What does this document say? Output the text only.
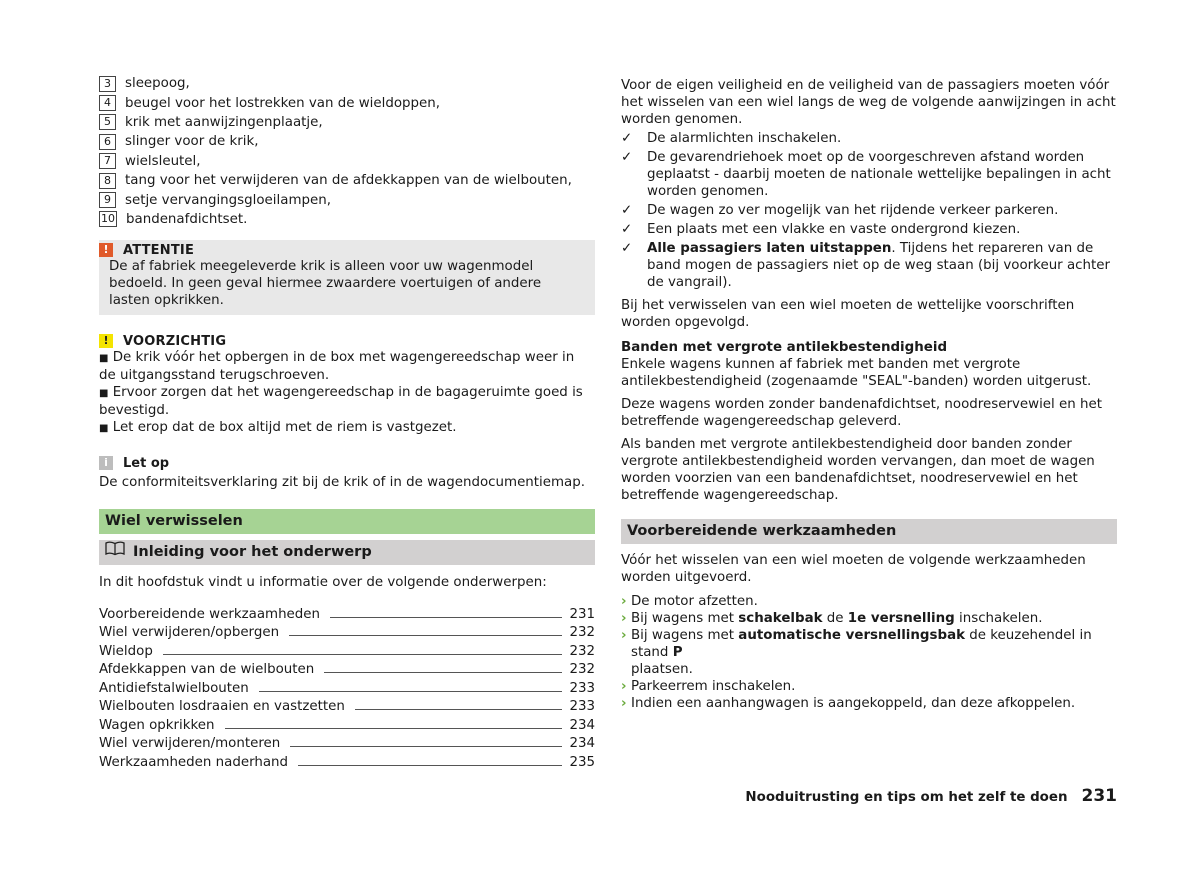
3	sleepoog,
4	beugel voor het lostrekken van de wieldoppen,
5	krik met aanwijzingenplaatje,
6	slinger voor de krik,
7	wielsleutel,
8	tang voor het verwijderen van de afdekkappen van de wielbouten,
9	setje vervangingsgloeilampen,
10 bandenafdichtset.
!	ATTENTIE

De af fabriek meegeleverde krik is alleen voor uw wagenmodel bedoeld. In geen geval hiermee zwaardere voertuigen of andere lasten opkrikken.

!	VOORZICHTIG
■ De krik vóór het opbergen in de box met wagengereedschap weer in de uitgangsstand terugschroeven.
■ Ervoor zorgen dat het wagengereedschap in de bagageruimte goed is bevestigd.
■ Let erop dat de box altijd met de riem is vastgezet.
i	Let op

De conformiteitsverklaring zit bij de krik of in de wagendocumentiemap.

Wiel verwisselen
Inleiding voor het onderwerp

In dit hoofdstuk vindt u informatie over de volgende onderwerpen:

Voorbereidende werkzaamheden	231
Wiel verwijderen/opbergen	232
Wieldop	232
Afdekkappen van de wielbouten	232
Antidiefstalwielbouten	233
Wielbouten losdraaien en vastzetten	233
Wagen opkrikken	234
Wiel verwijderen/monteren	234
Werkzaamheden naderhand	235

Voor de eigen veiligheid en de veiligheid van de passagiers moeten vóór het wisselen van een wiel langs de weg de volgende aanwijzingen in acht worden genomen.

✓	De alarmlichten inschakelen.
✓	De gevarendriehoek moet op de voorgeschreven afstand worden geplaatst - daarbij moeten de nationale wettelijke bepalingen in acht worden genomen.
✓	De wagen zo ver mogelijk van het rijdende verkeer parkeren.
✓	Een plaats met een vlakke en vaste ondergrond kiezen.
✓	Alle passagiers laten uitstappen. Tijdens het repareren van de band mogen de passagiers niet op de weg staan (bij voorkeur achter de vangrail).

Bij het verwisselen van een wiel moeten de wettelijke voorschriften worden opgevolgd.

Banden met vergrote antilekbestendigheid

Enkele wagens kunnen af fabriek met banden met vergrote antilekbestendigheid (zogenaamde "SEAL"-banden) worden uitgerust.

Deze wagens worden zonder bandenafdichtset, noodreservewiel en het betreffende wagengereedschap geleverd.

Als banden met vergrote antilekbestendigheid door banden zonder vergrote antilekbestendigheid worden vervangen, dan moet de wagen worden voorzien van een bandenafdichtset, noodreservewiel en het betreffende wagengereedschap.

Voorbereidende werkzaamheden

Vóór het wisselen van een wiel moeten de volgende werkzaamheden worden uitgevoerd.

› De motor afzetten.
› Bij wagens met schakelbak de 1e versnelling inschakelen.
› Bij wagens met automatische versnellingsbak de keuzehendel in stand P
plaatsen.
› Parkeerrem inschakelen.
› Indien een aanhangwagen is aangekoppeld, dan deze afkoppelen.
Nooduitrusting en tips om het zelf te doen 231
